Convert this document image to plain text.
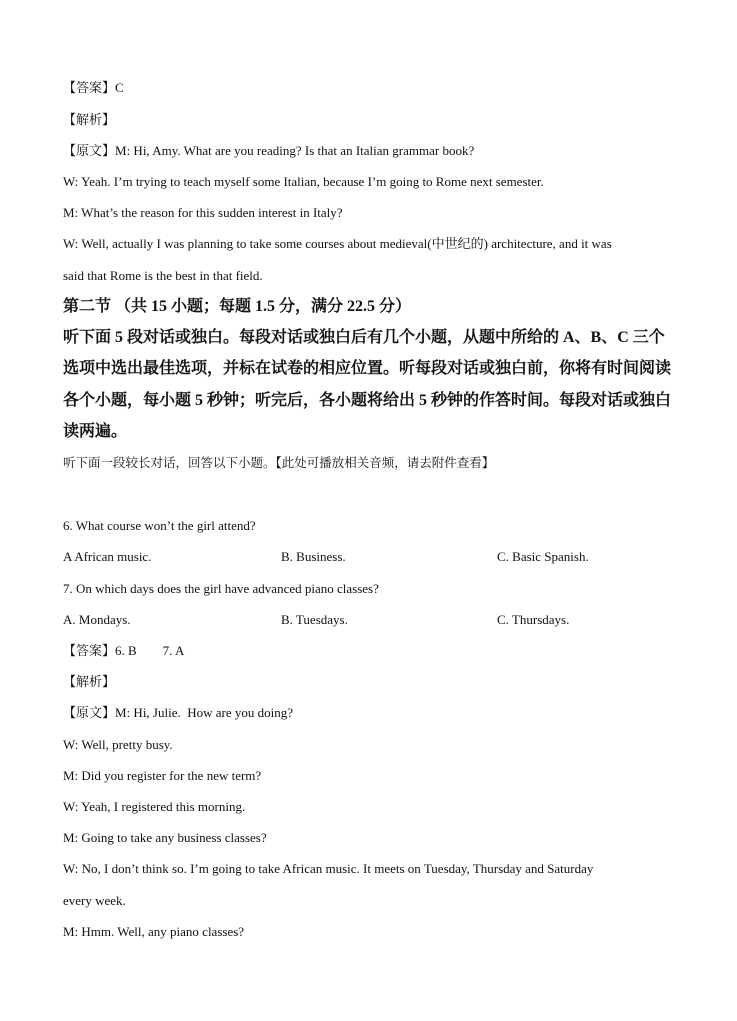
【答案】C
【解析】
【原文】M: Hi, Amy. What are you reading? Is that an Italian grammar book?
W: Yeah. I’m trying to teach myself some Italian, because I’m going to Rome next semester.
M: What’s the reason for this sudden interest in Italy?
W: Well, actually I was planning to take some courses about medieval(中世纪的) architecture, and it was
said that Rome is the best in that field.
第二节 （共 15 小题；每题 1.5 分，满分 22.5 分）
听下面 5 段对话或独白。每段对话或独白后有几个小题，从题中所给的 A、B、C 三个
选项中选出最佳选项，并标在试卷的相应位置。听每段对话或独白前，你将有时间阅读
各个小题，每小题 5 秒钟；听完后，各小题将给出 5 秒钟的作答时间。每段对话或独白
读两遍。
听下面一段较长对话，回答以下小题。【此处可播放相关音频，请去附件查看】
6. What course won’t the girl attend?
A African music.	B. Business.	C. Basic Spanish.
7. On which days does the girl have advanced piano classes?
A. Mondays.	B. Tuesdays.	C. Thursdays.
【答案】6. B        7. A
【解析】
【原文】M: Hi, Julie.  How are you doing?
W: Well, pretty busy.
M: Did you register for the new term?
W: Yeah, I registered this morning.
M: Going to take any business classes?
W: No, I don’t think so. I’m going to take African music. It meets on Tuesday, Thursday and Saturday
every week.
M: Hmm. Well, any piano classes?
